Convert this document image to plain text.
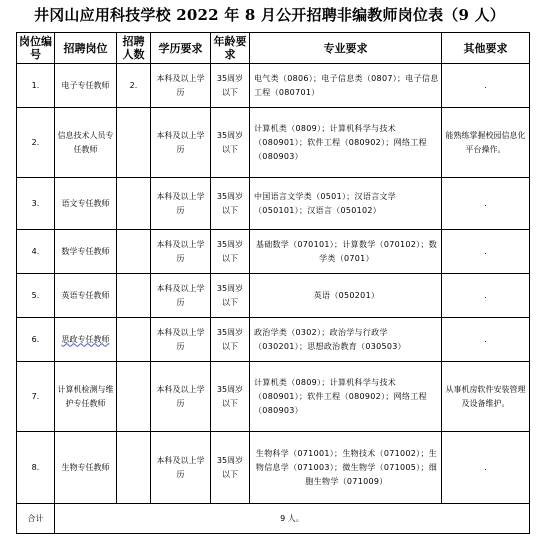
井冈山应用科技学校 2022 年 8 月公开招聘非编教师岗位表（9 人）
岗位编号	招聘岗位	招聘人数	学历要求	年龄要求	专业要求	其他要求
1.	电子专任教师	2.	本科及以上学历	35周岁以下	电气类（0806）；电子信息类（0807）；电子信息工程（080701）	.
2.	信息技术人员专任教师		本科及以上学历	35周岁以下	计算机类（0809）；计算机科学与技术（080901）；软件工程（080902）；网络工程（080903）	能熟练掌握校园信息化平台操作。
3.	语文专任教师		本科及以上学历	35周岁以下	中国语言文学类（0501）；汉语言文学（050101）；汉语言（050102）	.
4.	数学专任教师		本科及以上学历	35周岁以下	基础数学（070101）；计算数学（070102）；数学类（0701）	.
5.	英语专任教师		本科及以上学历	35周岁以下	英语（050201）	.
6.	思政专任教师		本科及以上学历	35周岁以下	政治学类（0302）；政治学与行政学（030201）；思想政治教育（030503）	.
7.	计算机检测与维护专任教师		本科及以上学历	35周岁以下	计算机类（0809）；计算机科学与技术（080901）；软件工程（080902）；网络工程（080903）	从事机房软件安装管理及设备维护。
8.	生物专任教师		本科及以上学历	35周岁以下	生物科学（071001）；生物技术（071002）；生物信息学（071003）；微生物学（071005）；细胞生物学（071009）	.
合计	9 人。					
